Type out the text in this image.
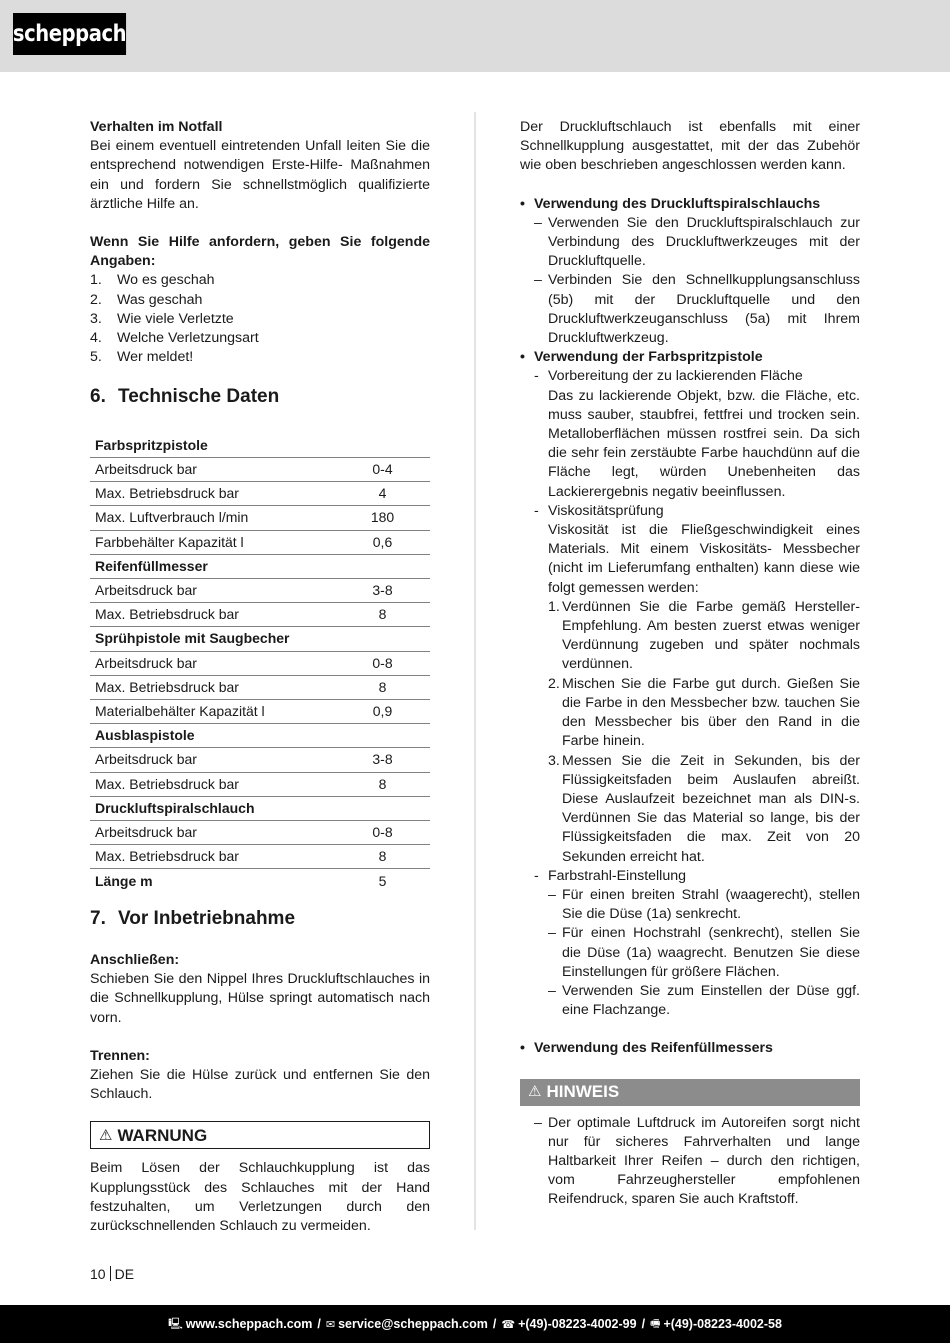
scheppach
Verhalten im Notfall

Bei einem eventuell eintretenden Unfall leiten Sie die entsprechend notwendigen Erste-Hilfe- Maßnahmen ein und fordern Sie schnellstmöglich qualifizierte ärztliche Hilfe an.

Wenn Sie Hilfe anfordern, geben Sie folgende Angaben:
1.	Wo es geschah
2.	Was geschah
3.	Wie viele Verletzte
4.	Welche Verletzungsart
5.	Wer meldet!
6. Technische Daten
Farbspritzpistole	
Arbeitsdruck bar	0-4
Max. Betriebsdruck bar	4
Max. Luftverbrauch l/min	180
Farbbehälter Kapazität l	0,6
Reifenfüllmesser	
Arbeitsdruck bar	3-8
Max. Betriebsdruck bar	8
Sprühpistole mit Saugbecher	
Arbeitsdruck bar	0-8
Max. Betriebsdruck bar	8
Materialbehälter Kapazität l	0,9
Ausblaspistole	
Arbeitsdruck bar	3-8
Max. Betriebsdruck bar	8
Druckluftspiralschlauch	
Arbeitsdruck bar	0-8
Max. Betriebsdruck bar	8
Länge m	5
7. Vor Inbetriebnahme
Anschließen:

Schieben Sie den Nippel Ihres Druckluftschlauches in die Schnellkupplung, Hülse springt automatisch nach vorn.

Trennen:

Ziehen Sie die Hülse zurück und entfernen Sie den Schlauch.

⚠ WARNUNG

Beim Lösen der Schlauchkupplung ist das Kupplungsstück des Schlauches mit der Hand festzuhalten, um Verletzungen durch den zurückschnellenden Schlauch zu vermeiden.

Der Druckluftschlauch ist ebenfalls mit einer Schnellkupplung ausgestattet, mit der das Zubehör wie oben beschrieben angeschlossen werden kann.

• Verwendung des Druckluftspiralschlauchs
– Verwenden Sie den Druckluftspiralschlauch zur Verbindung des Druckluftwerkzeuges mit der Druckluftquelle.
– Verbinden Sie den Schnellkupplungsanschluss (5b) mit der Druckluftquelle und den Druckluftwerkzeuganschluss (5a) mit Ihrem Druckluftwerkzeug.
• Verwendung der Farbspritzpistole
- Vorbereitung der zu lackierenden Fläche

Das zu lackierende Objekt, bzw. die Fläche, etc. muss sauber, staubfrei, fettfrei und trocken sein. Metalloberflächen müssen rostfrei sein. Da sich die sehr fein zerstäubte Farbe hauchdünn auf die Fläche legt, würden Unebenheiten das Lackierergebnis negativ beeinflussen.

- Viskositätsprüfung

Viskosität ist die Fließgeschwindigkeit eines Materials. Mit einem Viskositäts- Messbecher (nicht im Lieferumfang enthalten) kann diese wie folgt gemessen werden:

1. Verdünnen Sie die Farbe gemäß Hersteller-Empfehlung. Am besten zuerst etwas weniger Verdünnung zugeben und später nochmals verdünnen.
2. Mischen Sie die Farbe gut durch. Gießen Sie die Farbe in den Messbecher bzw. tauchen Sie den Messbecher bis über den Rand in die Farbe hinein.
3. Messen Sie die Zeit in Sekunden, bis der Flüssigkeitsfaden beim Auslaufen abreißt. Diese Auslaufzeit bezeichnet man als DIN-s. Verdünnen Sie das Material so lange, bis der Flüssigkeitsfaden die max. Zeit von 20 Sekunden erreicht hat.
- Farbstrahl-Einstellung
– Für einen breiten Strahl (waagerecht), stellen Sie die Düse (1a) senkrecht.
– Für einen Hochstrahl (senkrecht), stellen Sie die Düse (1a) waagrecht. Benutzen Sie diese Einstellungen für größere Flächen.
– Verwenden Sie zum Einstellen der Düse ggf. eine Flachzange.
• Verwendung des Reifenfüllmessers
⚠ HINWEIS
– Der optimale Luftdruck im Autoreifen sorgt nicht nur für sicheres Fahrverhalten und lange Haltbarkeit Ihrer Reifen – durch den richtigen, vom Fahrzeughersteller empfohlenen Reifendruck, sparen Sie auch Kraftstoff.
10 DE
🖳 www.scheppach.com / ✉ service@scheppach.com / ☎ +(49)-08223-4002-99 / 🖷 +(49)-08223-4002-58
